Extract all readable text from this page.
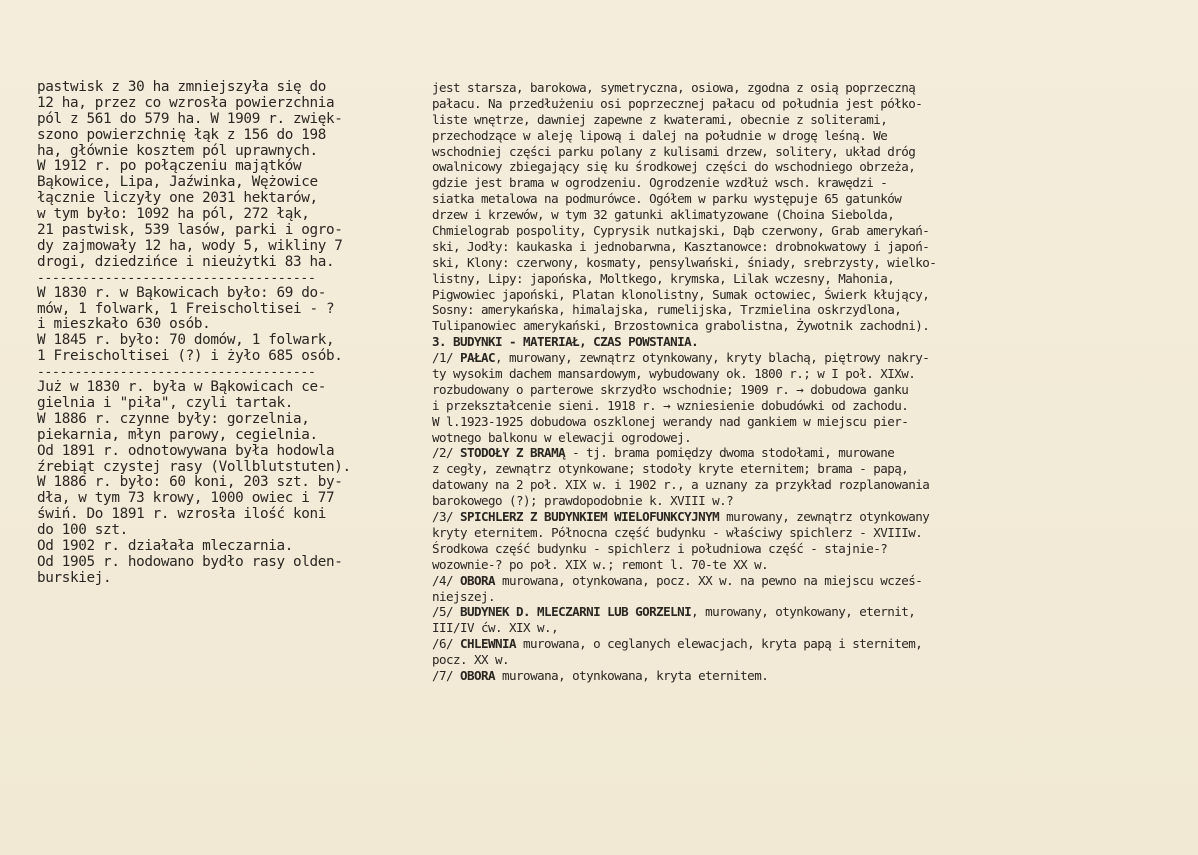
pastwisk z 30 ha zmniejszyła się do
12 ha, przez co wzrosła powierzchnia
pól z 561 do 579 ha. W 1909 r. zwięk-
szono powierzchnię łąk z 156 do 198
ha, głównie kosztem pól uprawnych.
W 1912 r. po połączeniu majątków
Bąkowice, Lipa, Jaźwinka, Wężowice
łącznie liczyły one 2031 hektarów,
w tym było: 1092 ha pól, 272 łąk,
21 pastwisk, 539 lasów, parki i ogro-
dy zajmowały 12 ha, wody 5, wikliny 7
drogi, dziedzińce i nieużytki 83 ha.
-------------------------------------
W 1830 r. w Bąkowicach było: 69 do-
mów, 1 folwark, 1 Freischoltisei - ?
i mieszkało 630 osób.
W 1845 r. było: 70 domów, 1 folwark,
1 Freischoltisei (?) i żyło 685 osób.
-------------------------------------
Już w 1830 r. była w Bąkowicach ce-
gielnia i "piła", czyli tartak.
W 1886 r. czynne były: gorzelnia,
piekarnia, młyn parowy, cegielnia.
Od 1891 r. odnotowywana była hodowla
źrebiąt czystej rasy (Vollblutstuten).
W 1886 r. było: 60 koni, 203 szt. by-
dła, w tym 73 krowy, 1000 owiec i 77
świń. Do 1891 r. wzrosła ilość koni
do 100 szt.
Od 1902 r. działała mleczarnia.
Od 1905 r. hodowano bydło rasy olden-
burskiej.
jest starsza, barokowa, symetryczna, osiowa, zgodna z osią poprzeczną
pałacu. Na przedłużeniu osi poprzecznej pałacu od południa jest półko-
liste wnętrze, dawniej zapewne z kwaterami, obecnie z soliterami,
przechodzące w aleję lipową i dalej na południe w drogę leśną. We
wschodniej części parku polany z kulisami drzew, solitery, układ dróg
owalnicowy zbiegający się ku środkowej części do wschodniego obrzeża,
gdzie jest brama w ogrodzeniu. Ogrodzenie wzdłuż wsch. krawędzi -
siatka metalowa na podmurówce. Ogółem w parku występuje 65 gatunków
drzew i krzewów, w tym 32 gatunki aklimatyzowane (Choina Siebolda,
Chmielograb pospolity, Cyprysik nutkajski, Dąb czerwony, Grab amerykań-
ski, Jodły: kaukaska i jednobarwna, Kasztanowce: drobnokwatowy i japoń-
ski, Klony: czerwony, kosmaty, pensylwański, śniady, srebrzysty, wielko-
listny, Lipy: japońska, Moltkego, krymska, Lilak wczesny, Mahonia,
Pigwowiec japoński, Platan klonolistny, Sumak octowiec, Świerk kłujący,
Sosny: amerykańska, himalajska, rumelijska, Trzmielina oskrzydlona,
Tulipanowiec amerykański, Brzostownica grabolistna, Żywotnik zachodni).
3. BUDYNKI - MATERIAŁ, CZAS POWSTANIA.
/1/ PAŁAC, murowany, zewnątrz otynkowany, kryty blachą, piętrowy nakry-
ty wysokim dachem mansardowym, wybudowany ok. 1800 r.; w I poł. XIXw.
rozbudowany o parterowe skrzydło wschodnie; 1909 r. → dobudowa ganku
i przekształcenie sieni. 1918 r. → wzniesienie dobudówki od zachodu.
W l.1923-1925 dobudowa oszklonej werandy nad gankiem w miejscu pier-
wotnego balkonu w elewacji ogrodowej.
/2/ STODOŁY Z BRAMĄ - tj. brama pomiędzy dwoma stodołami, murowane
z cegły, zewnątrz otynkowane; stodoły kryte eternitem; brama - papą,
datowany na 2 poł. XIX w. i 1902 r., a uznany za przykład rozplanowania
barokowego (?); prawdopodobnie k. XVIII w.?
/3/ SPICHLERZ Z BUDYNKIEM WIELOFUNKCYJNYM murowany, zewnątrz otynkowany
kryty eternitem. Północna część budynku - właściwy spichlerz - XVIIIw.
Środkowa część budynku - spichlerz i południowa część - stajnie-?
wozownie-? po poł. XIX w.; remont l. 70-te XX w.
/4/ OBORA murowana, otynkowana, pocz. XX w. na pewno na miejscu wcześ-
niejszej.
/5/ BUDYNEK D. MLECZARNI LUB GORZELNI, murowany, otynkowany, eternit,
III/IV ćw. XIX w.,
/6/ CHLEWNIA murowana, o ceglanych elewacjach, kryta papą i sternitem,
pocz. XX w.
/7/ OBORA murowana, otynkowana, kryta eternitem.
